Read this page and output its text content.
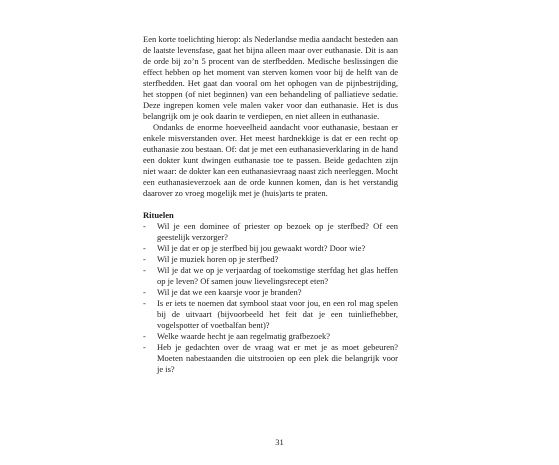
Een korte toelichting hierop: als Nederlandse media aandacht besteden aan de laatste levensfase, gaat het bijna alleen maar over euthanasie. Dit is aan de orde bij zo’n 5 procent van de sterfbedden. Medische beslissingen die effect hebben op het moment van sterven komen voor bij de helft van de sterfbedden. Het gaat dan vooral om het ophogen van de pijnbestrijding, het stoppen (of niet beginnen) van een behandeling of palliatieve sedatie. Deze ingrepen komen vele malen vaker voor dan euthanasie. Het is dus belangrijk om je ook daarin te verdiepen, en niet alleen in euthanasie.

Ondanks de enorme hoeveelheid aandacht voor euthanasie, bestaan er enkele misverstanden over. Het meest hardnekkige is dat er een recht op euthanasie zou bestaan. Of: dat je met een euthanasieverklaring in de hand een dokter kunt dwingen euthanasie toe te passen. Beide gedachten zijn niet waar: de dokter kan een euthanasievraag naast zich neerleggen. Mocht een euthanasieverzoek aan de orde kunnen komen, dan is het verstandig daarover zo vroeg mogelijk met je (huis)arts te praten.

Rituelen
- Wil je een dominee of priester op bezoek op je sterfbed? Of een geestelijk verzorger?
- Wil je dat er op je sterfbed bij jou gewaakt wordt? Door wie?
- Wil je muziek horen op je sterfbed?
- Wil je dat we op je verjaardag of toekomstige sterfdag het glas heffen op je leven? Of samen jouw lievelingsrecept eten?
- Wil je dat we een kaarsje voor je branden?
- Is er iets te noemen dat symbool staat voor jou, en een rol mag spelen bij de uitvaart (bijvoorbeeld het feit dat je een tuinliefhebber, vogelspotter of voetbalfan bent)?
- Welke waarde hecht je aan regelmatig grafbezoek?
- Heb je gedachten over de vraag wat er met je as moet gebeuren? Moeten nabestaanden die uitstrooien op een plek die belangrijk voor je is?
31
